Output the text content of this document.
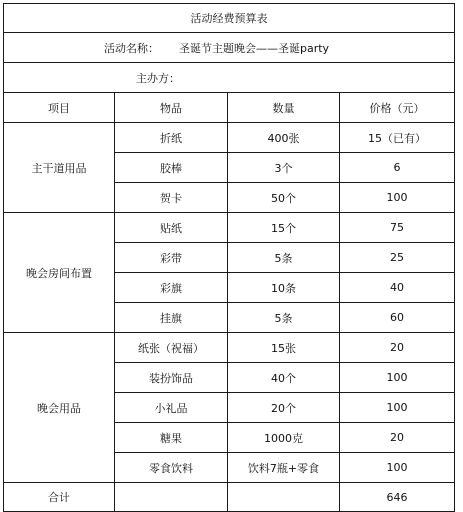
活动经费预算表			
活动名称： 圣诞节主题晚会——圣诞party			
主办方：			
项目	物品	数量	价格（元）
主干道用品	折纸	400张	15（已有）
	胶棒	3个	6
	贺卡	50个	100
晚会房间布置	贴纸	15个	75
	彩带	5条	25
	彩旗	10条	40
	挂旗	5条	60
晚会用品	纸张（祝福）	15张	20
	装扮饰品	40个	100
	小礼品	20个	100
	糖果	1000克	20
	零食饮料	饮料7瓶+零食	100
合计			646
